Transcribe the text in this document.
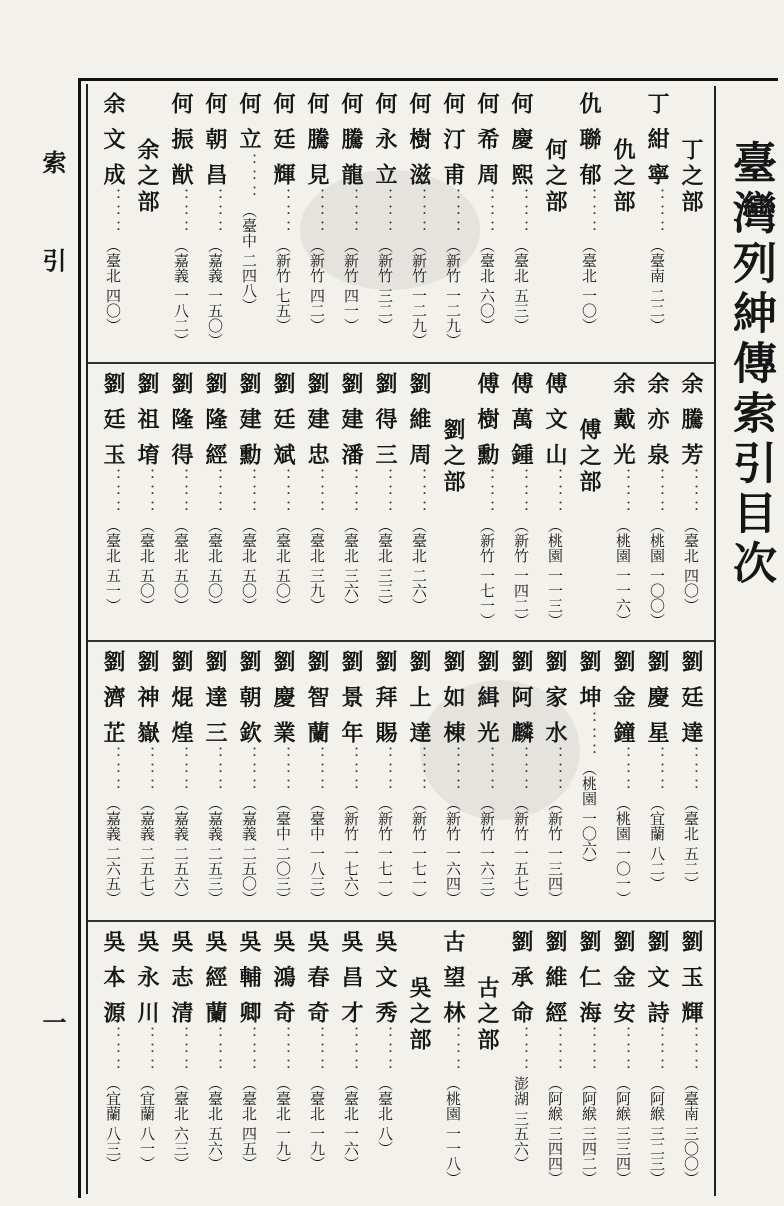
索
引
一
臺灣列紳傳索引目次
丁之部
丁 紺 寧
：：：
（臺南 二二）
仇之部
仇 聯 郁
：：：
（臺北 一〇）
何之部
何 慶 熙
：：：
（臺北 五三）
何 希 周
：：：
（臺北 六〇）
何 汀 甫
：：：
（新竹 一二九）
何 樹 滋
：：：
（新竹 一二九）
何 永 立
：：：
（新竹 三二）
何 騰 龍
：：：
（新竹 四一）
何 騰 見
：：：
（新竹 四二）
何 廷 輝
：：：
（新竹 七五）
何 立
：：：
（臺中 二四八）
何 朝 昌
：：：
（嘉義 一五〇）
何 振 猷
：：：
（嘉義 一八二）
余之部
余 文 成
：：：
（臺北 四〇）
余 騰 芳
：：：
（臺北 四〇）
余 亦 泉
：：：
（桃園 一〇〇）
余 戴 光
：：：
（桃園 一一六）
傅之部
傅 文 山
：：：
（桃園 一一三）
傅 萬 鍾
：：：
（新竹 一四二）
傅 樹 勳
：：：
（新竹 一七一）
劉之部
劉 維 周
：：：
（臺北 二六）
劉 得 三
：：：
（臺北 三三）
劉 建 潘
：：：
（臺北 三六）
劉 建 忠
：：：
（臺北 三九）
劉 廷 斌
：：：
（臺北 五〇）
劉 建 勳
：：：
（臺北 五〇）
劉 隆 經
：：：
（臺北 五〇）
劉 隆 得
：：：
（臺北 五〇）
劉 祖 堉
：：：
（臺北 五〇）
劉 廷 玉
：：：
（臺北 五一）
劉 廷 達
：：：
（臺北 五二）
劉 慶 星
：：：
（宜蘭 八二）
劉 金 鐘
：：：
（桃園 一〇一）
劉 坤
：：：
（桃園 一〇六）
劉 家 水
：：：
（新竹 一三四）
劉 阿 麟
：：：
（新竹 一五七）
劉 緝 光
：：：
（新竹 一六三）
劉 如 棟
：：：
（新竹 一六四）
劉 上 達
：：：
（新竹 一七一）
劉 拜 賜
：：：
（新竹 一七一）
劉 景 年
：：：
（新竹 一七六）
劉 智 蘭
：：：
（臺中 一八三）
劉 慶 業
：：：
（臺中 二〇三）
劉 朝 欽
：：：
（嘉義 二五〇）
劉 達 三
：：：
（嘉義 二五三）
劉 焜 煌
：：：
（嘉義 二五六）
劉 神 嶽
：：：
（嘉義 二五七）
劉 濟 芷
：：：
（嘉義 二六五）
劉 玉 輝
：：：
（臺南 三〇〇）
劉 文 詩
：：：
（阿緱 三二三）
劉 金 安
：：：
（阿緱 三三四）
劉 仁 海
：：：
（阿緱 三四二）
劉 維 經
：：：
（阿緱 三四四）
劉 承 命
：：：
澎湖 三五六）
古之部
古 望 林
：：：
（桃園 一一八）
吳之部
吳 文 秀
：：：
（臺北 八）
吳 昌 才
：：：
（臺北 一六）
吳 春 奇
：：：
（臺北 一九）
吳 鴻 奇
：：：
（臺北 一九）
吳 輔 卿
：：：
（臺北 四五）
吳 經 蘭
：：：
（臺北 五六）
吳 志 清
：：：
（臺北 六三）
吳 永 川
：：：
（宜蘭 八一）
吳 本 源
：：：
（宜蘭 八三）
